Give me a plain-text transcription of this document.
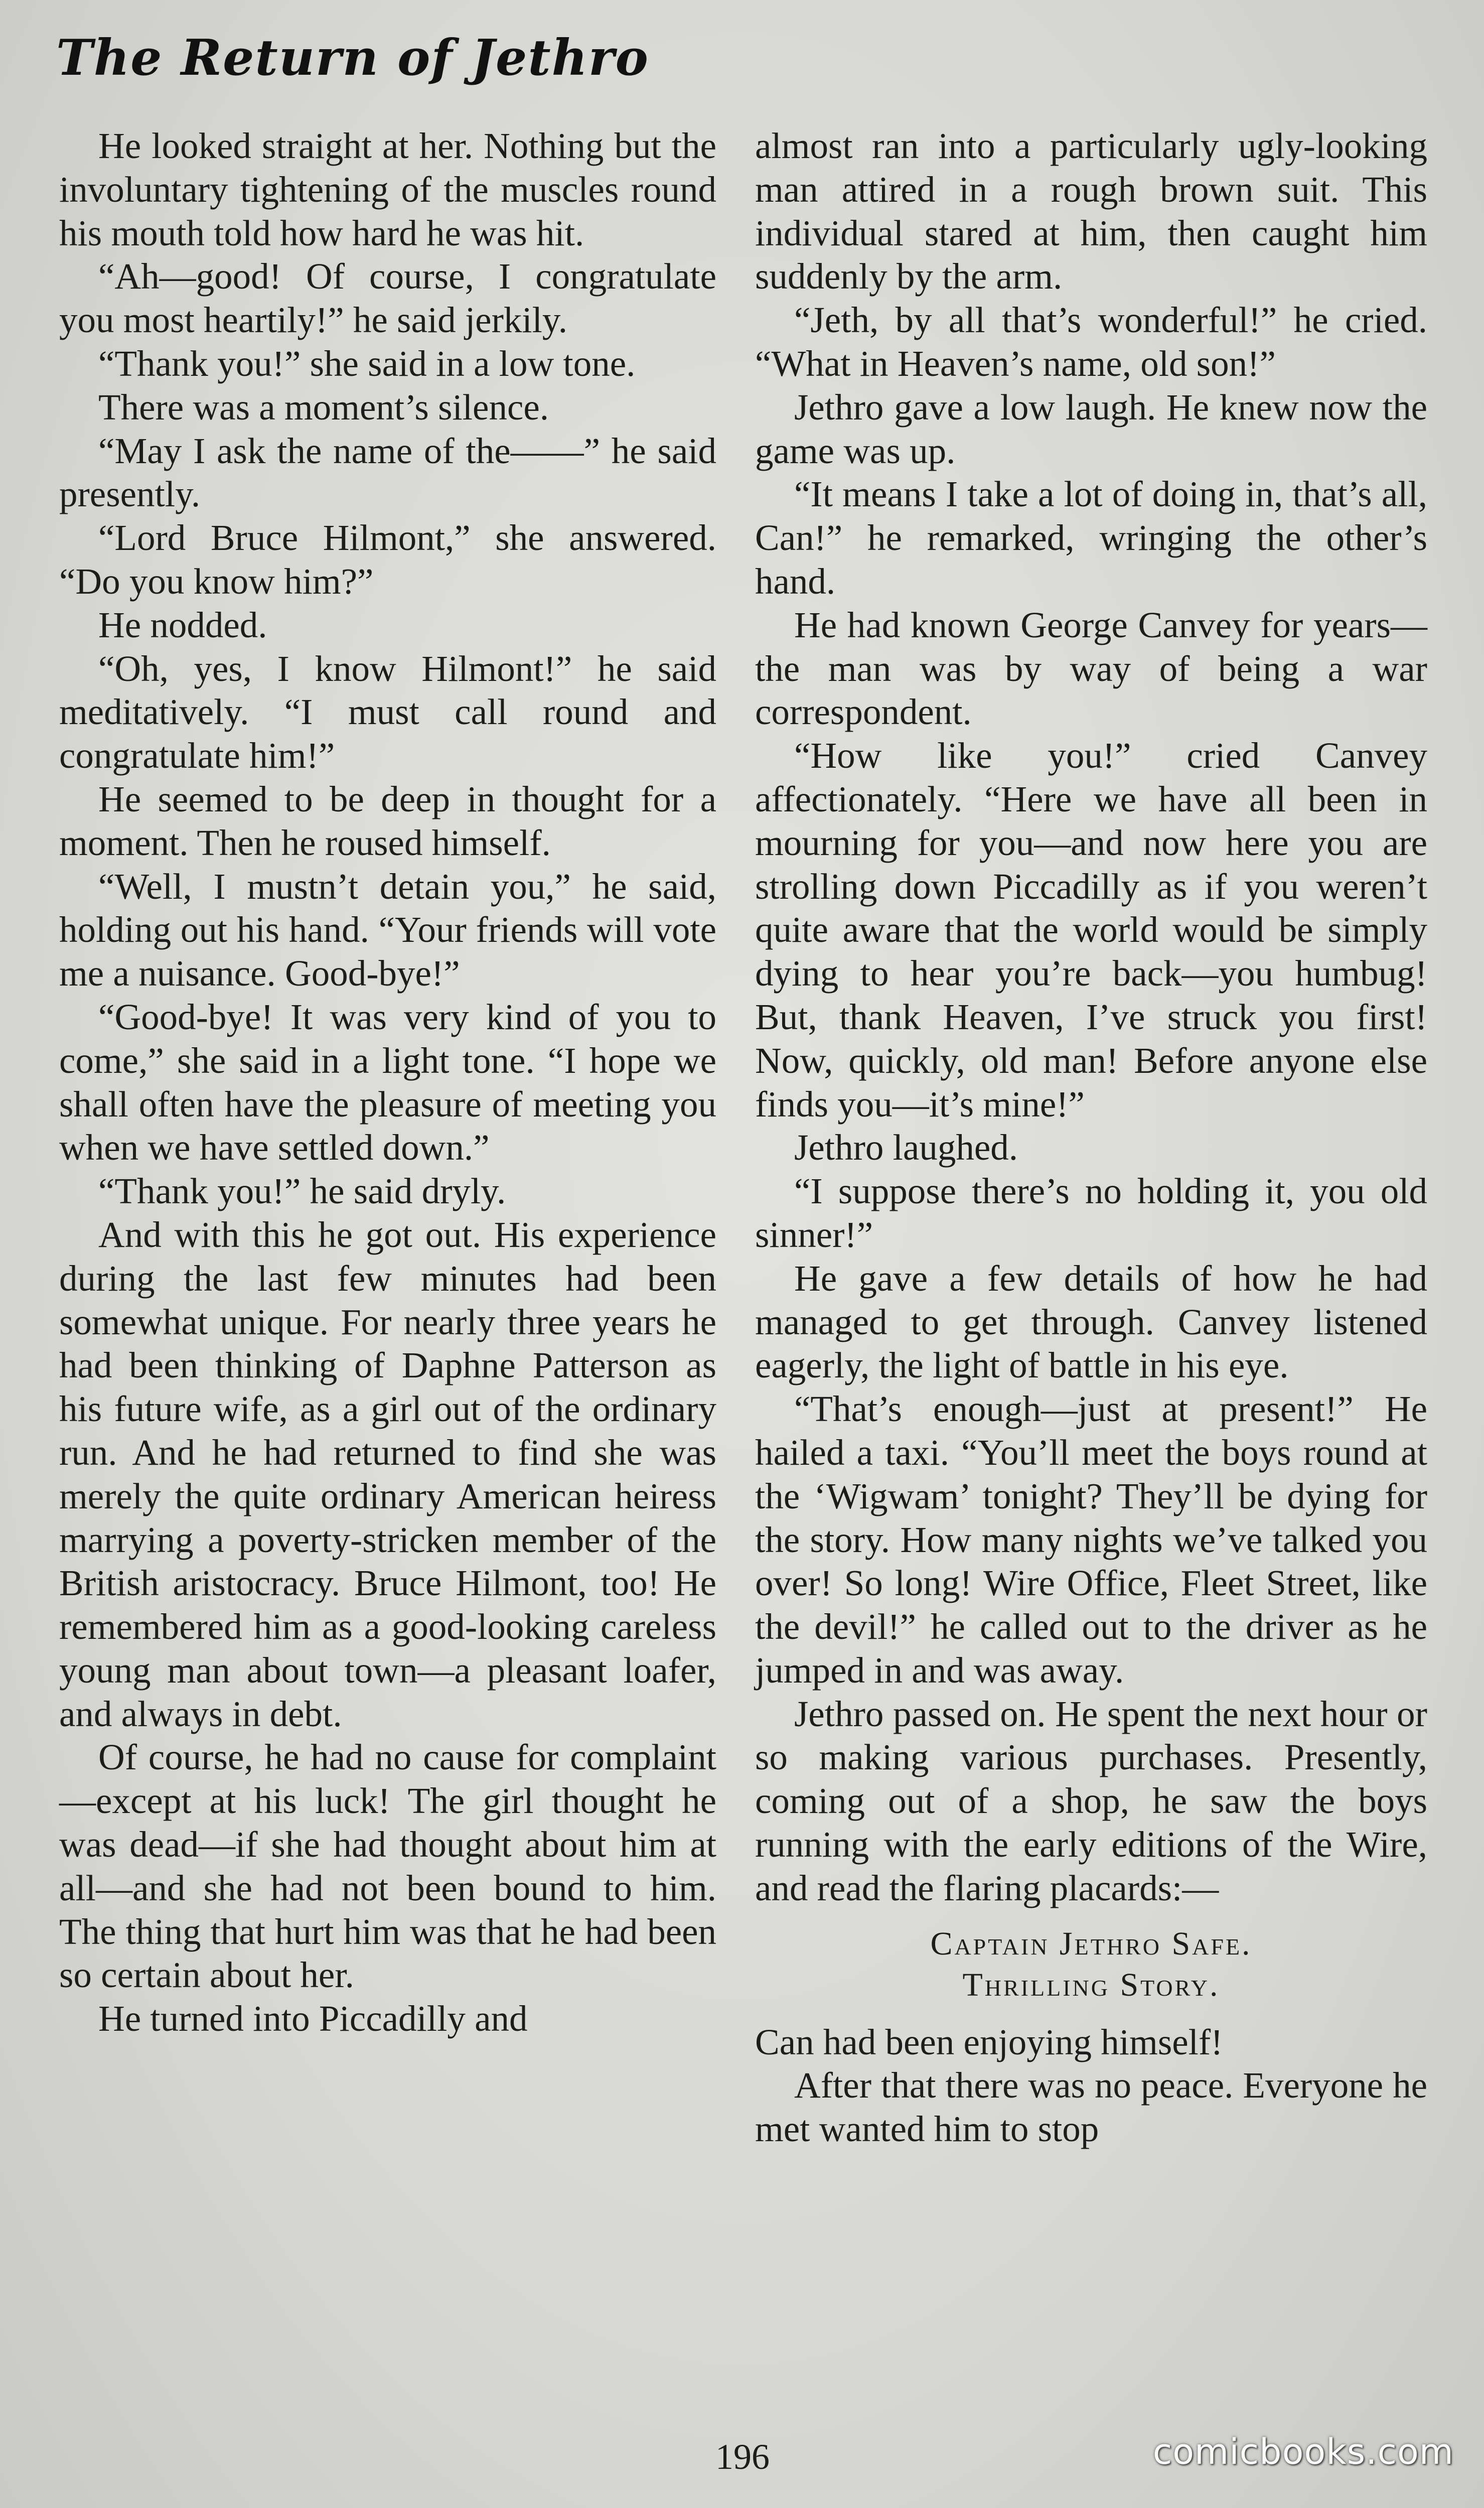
The Return of Jethro

He looked straight at her. Nothing but the involuntary tightening of the muscles round his mouth told how hard he was hit.

“Ah—good! Of course, I congratulate you most heartily!” he said jerkily.

“Thank you!” she said in a low tone.

There was a moment’s silence.

“May I ask the name of the——” he said presently.

“Lord Bruce Hilmont,” she answered. “Do you know him?”

He nodded.

“Oh, yes, I know Hilmont!” he said meditatively. “I must call round and congratulate him!”

He seemed to be deep in thought for a moment. Then he roused himself.

“Well, I mustn’t detain you,” he said, holding out his hand. “Your friends will vote me a nuisance. Good-bye!”

“Good-bye! It was very kind of you to come,” she said in a light tone. “I hope we shall often have the pleasure of meeting you when we have settled down.”

“Thank you!” he said dryly.

And with this he got out. His experience during the last few minutes had been somewhat unique. For nearly three years he had been thinking of Daphne Patterson as his future wife, as a girl out of the ordinary run. And he had returned to find she was merely the quite ordinary American heiress marrying a poverty-stricken member of the British aristocracy. Bruce Hilmont, too! He remembered him as a good-looking careless young man about town—a pleasant loafer, and always in debt.

Of course, he had no cause for complaint—except at his luck! The girl thought he was dead—if she had thought about him at all—and she had not been bound to him. The thing that hurt him was that he had been so certain about her.

He turned into Piccadilly and

almost ran into a particularly ugly-looking man attired in a rough brown suit. This individual stared at him, then caught him suddenly by the arm.

“Jeth, by all that’s wonderful!” he cried. “What in Heaven’s name, old son!”

Jethro gave a low laugh. He knew now the game was up.

“It means I take a lot of doing in, that’s all, Can!” he remarked, wringing the other’s hand.

He had known George Canvey for years—the man was by way of being a war correspondent.

“How like you!” cried Canvey affectionately. “Here we have all been in mourning for you—and now here you are strolling down Piccadilly as if you weren’t quite aware that the world would be simply dying to hear you’re back—you humbug! But, thank Heaven, I’ve struck you first! Now, quickly, old man! Before anyone else finds you—it’s mine!”

Jethro laughed.

“I suppose there’s no holding it, you old sinner!”

He gave a few details of how he had managed to get through. Canvey listened eagerly, the light of battle in his eye.

“That’s enough—just at present!” He hailed a taxi. “You’ll meet the boys round at the ‘Wigwam’ tonight? They’ll be dying for the story. How many nights we’ve talked you over! So long! Wire Office, Fleet Street, like the devil!” he called out to the driver as he jumped in and was away.

Jethro passed on. He spent the next hour or so making various purchases. Presently, coming out of a shop, he saw the boys running with the early editions of the Wire, and read the flaring placards:—

Captain Jethro Safe.
Thrilling Story.

Can had been enjoying himself!

After that there was no peace. Everyone he met wanted him to stop

196	comicbooks.com
